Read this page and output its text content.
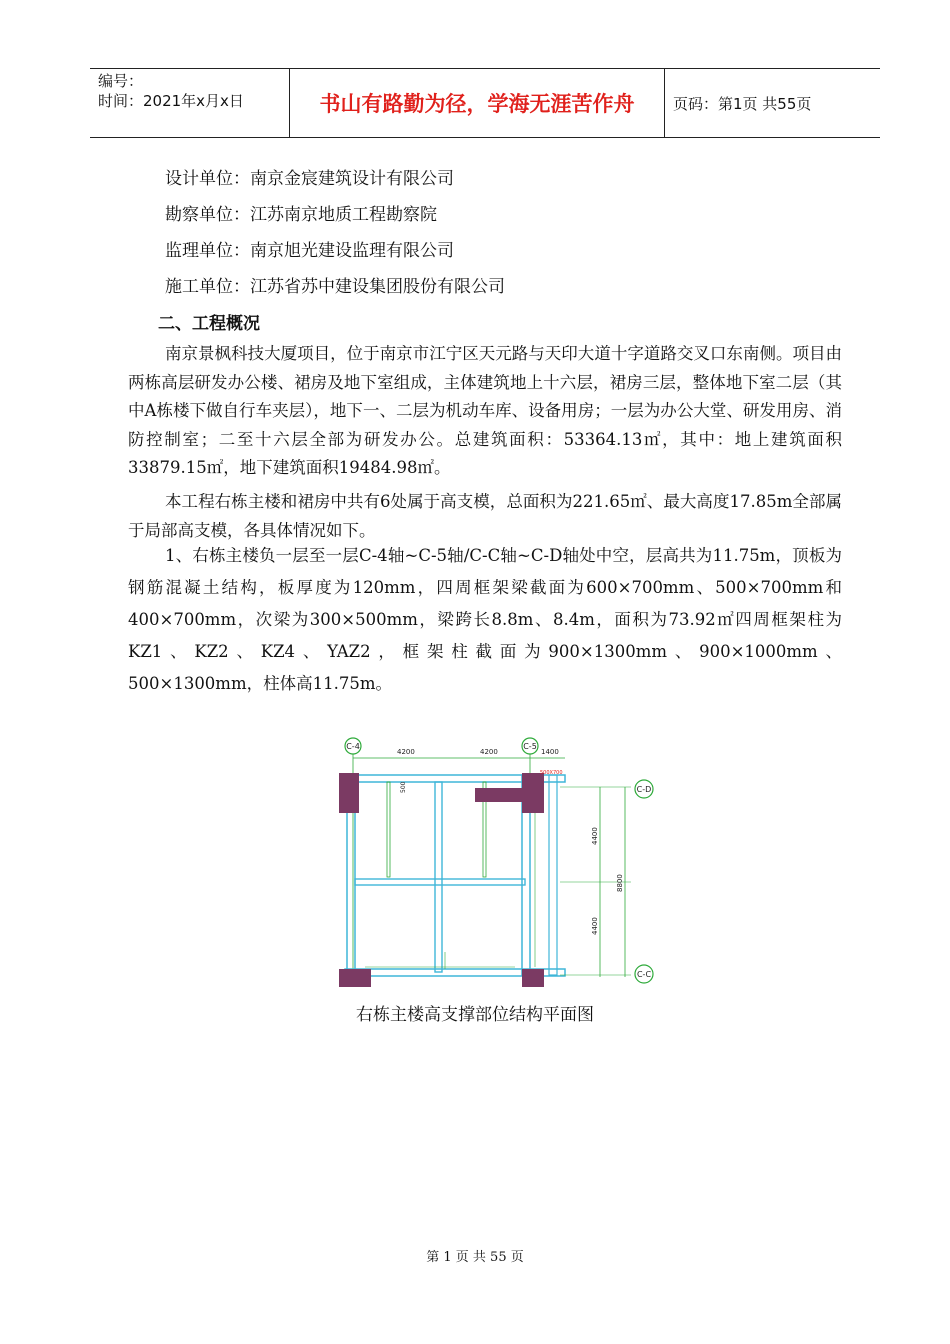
编号：
时间：2021年x月x日	书山有路勤为径，学海无涯苦作舟	页码：第1页 共55页
设计单位：南京金宸建筑设计有限公司
勘察单位：江苏南京地质工程勘察院
监理单位：南京旭光建设监理有限公司
施工单位：江苏省苏中建设集团股份有限公司
二、工程概况

南京景枫科技大厦项目，位于南京市江宁区天元路与天印大道十字道路交叉口东南侧。项目由两栋高层研发办公楼、裙房及地下室组成，主体建筑地上十六层，裙房三层，整体地下室二层（其中A栋楼下做自行车夹层），地下一、二层为机动车库、设备用房；一层为办公大堂、研发用房、消防控制室；二至十六层全部为研发办公。总建筑面积：53364.13㎡，其中：地上建筑面积33879.15㎡，地下建筑面积19484.98㎡。

本工程右栋主楼和裙房中共有6处属于高支模，总面积为221.65㎡、最大高度17.85m全部属于局部高支模，各具体情况如下。

1、右栋主楼负一层至一层C-4轴~C-5轴/C-C轴~C-D轴处中空，层高共为11.75m，顶板为钢筋混凝土结构，板厚度为120mm，四周框架梁截面为600×700mm、500×700mm和400×700mm，次梁为300×500mm，梁跨长8.8m、8.4m，面积为73.92㎡四周框架柱为KZ1、KZ2、KZ4、YAZ2，框架柱截面为900×1300mm、900×1000mm、500×1300mm，柱体高11.75m。

C-4	C-5
4200	4200	1400
500
500X700
4400
4400
8800
C-D
C-C
右栋主楼高支撑部位结构平面图
第 1 页 共 55 页
